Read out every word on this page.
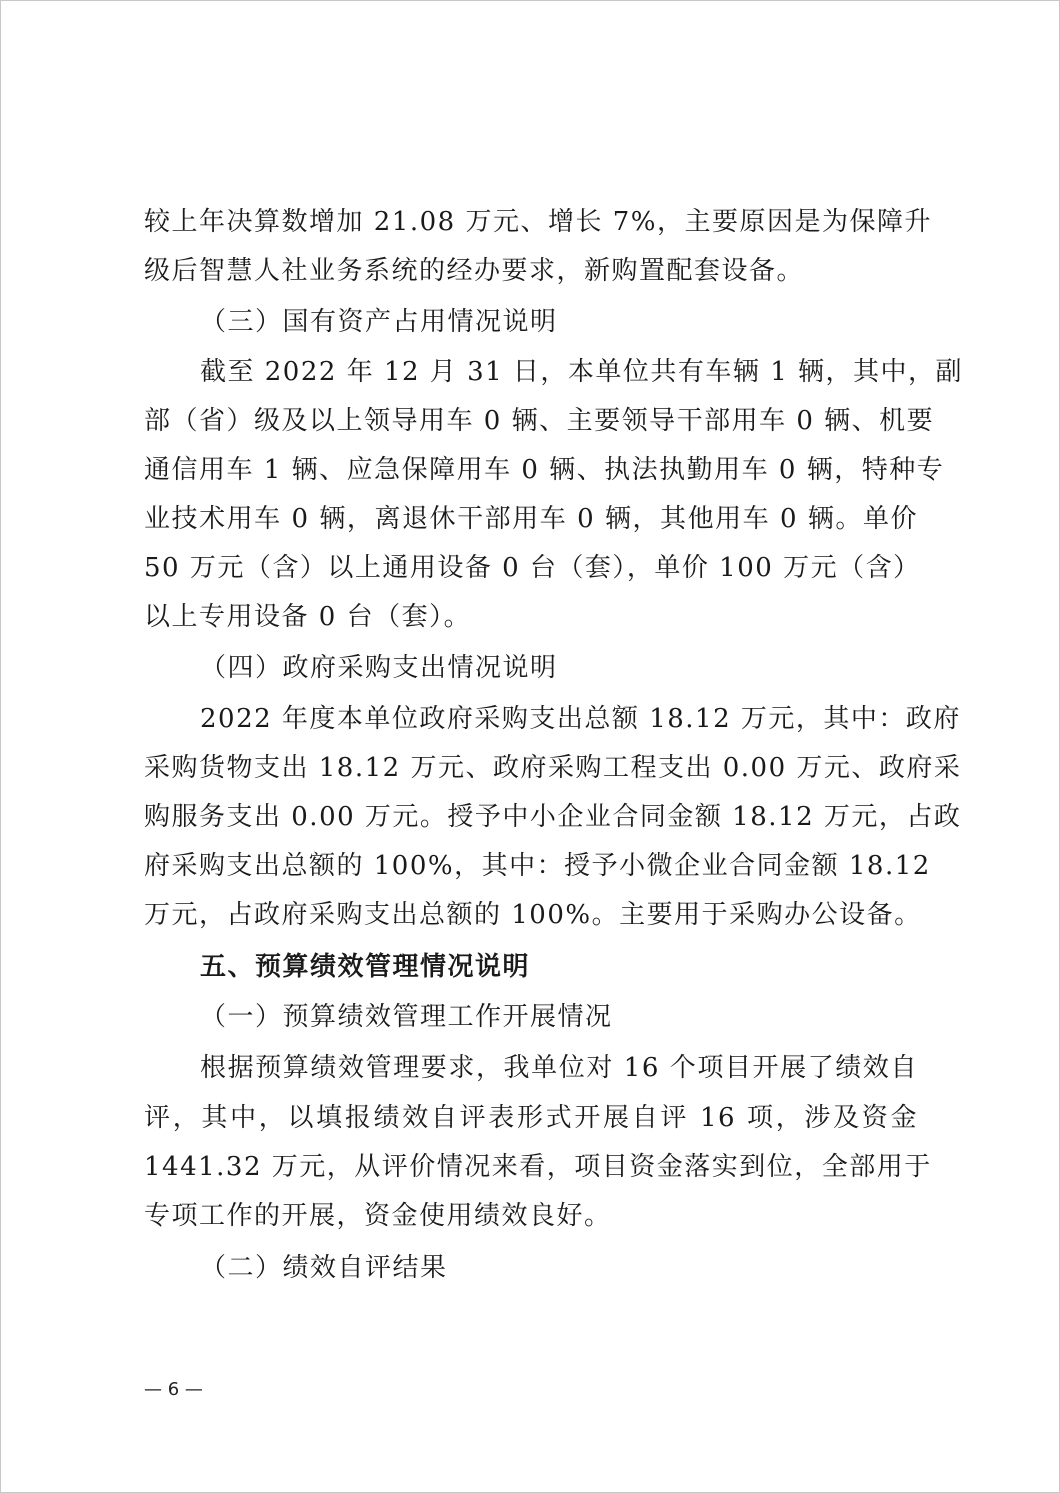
较上年决算数增加 21.08 万元、增长 7%，主要原因是为保障升
级后智慧人社业务系统的经办要求，新购置配套设备。
（三）国有资产占用情况说明
截至 2022 年 12 月 31 日，本单位共有车辆 1 辆，其中，副
部（省）级及以上领导用车 0 辆、主要领导干部用车 0 辆、机要
通信用车 1 辆、应急保障用车 0 辆、执法执勤用车 0 辆，特种专
业技术用车 0 辆，离退休干部用车 0 辆，其他用车 0 辆。单价
50 万元（含）以上通用设备 0 台（套），单价 100 万元（含）
以上专用设备 0 台（套）。
（四）政府采购支出情况说明
2022 年度本单位政府采购支出总额 18.12 万元，其中：政府
采购货物支出 18.12 万元、政府采购工程支出 0.00 万元、政府采
购服务支出 0.00 万元。授予中小企业合同金额 18.12 万元，占政
府采购支出总额的 100%，其中：授予小微企业合同金额 18.12
万元，占政府采购支出总额的 100%。主要用于采购办公设备。
五、预算绩效管理情况说明
（一）预算绩效管理工作开展情况
根据预算绩效管理要求，我单位对 16 个项目开展了绩效自
评，其中，以填报绩效自评表形式开展自评 16 项，涉及资金
1441.32 万元，从评价情况来看，项目资金落实到位，全部用于
专项工作的开展，资金使用绩效良好。
（二）绩效自评结果
— 6 —
